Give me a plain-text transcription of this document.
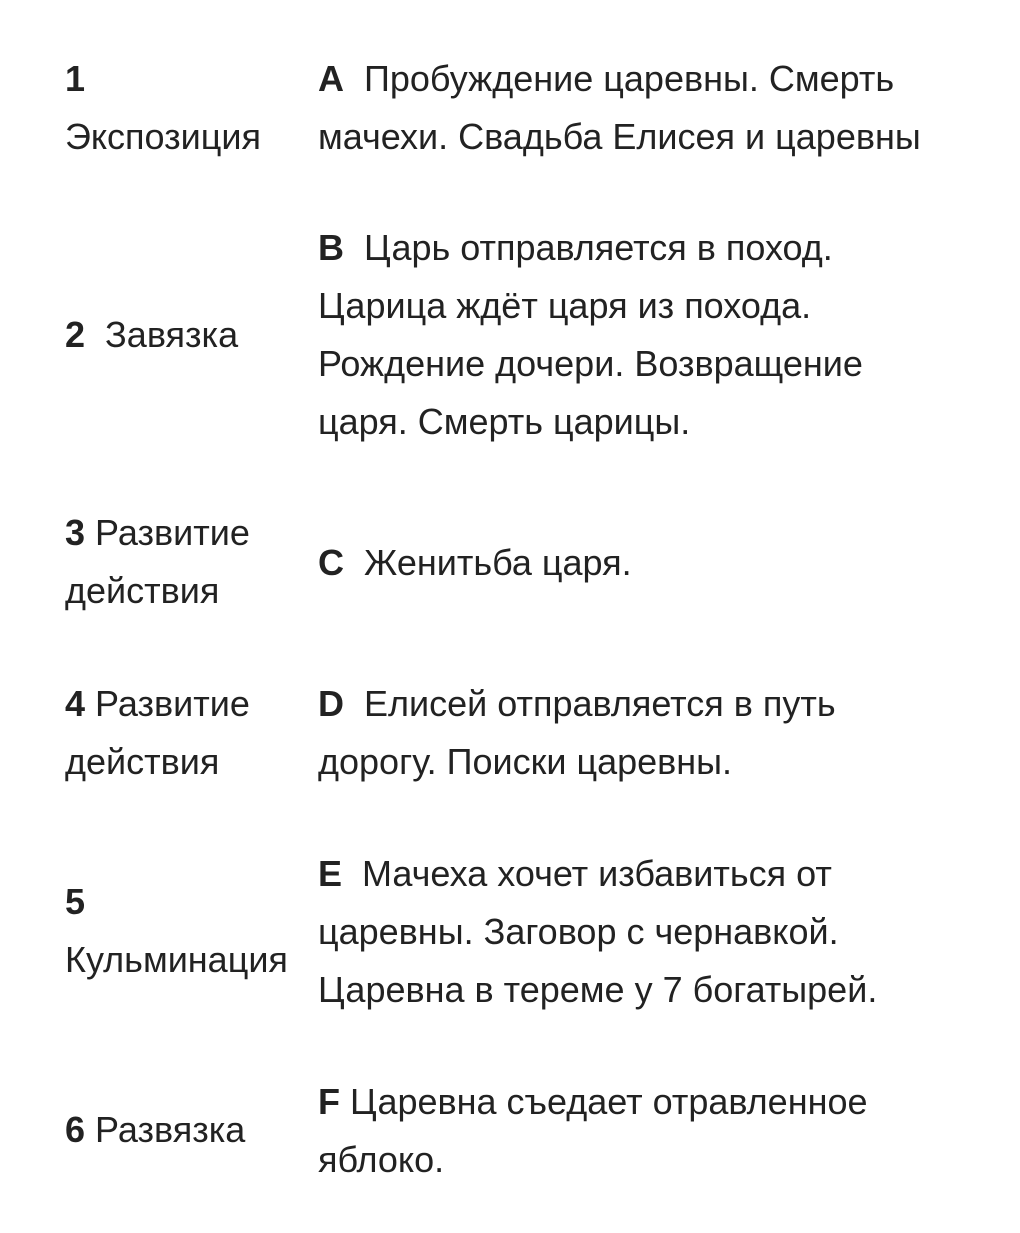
1
Экспозиция
A Пробуждение царевны. Смерть мачехи. Свадьба Елисея и царевны
2 Завязка
B Царь отправляется в поход. Царица ждёт царя из похода. Рождение дочери. Возвращение царя. Смерть царицы.
3 Развитие действия
C Женитьба царя.
4 Развитие действия
D Елисей отправляется в путь дорогу. Поиски царевны.
5
Кульминация
E Мачеха хочет избавиться от царевны. Заговор с чернавкой. Царевна в тереме у 7 богатырей.
6 Развязка
F Царевна съедает отравленное яблоко.
